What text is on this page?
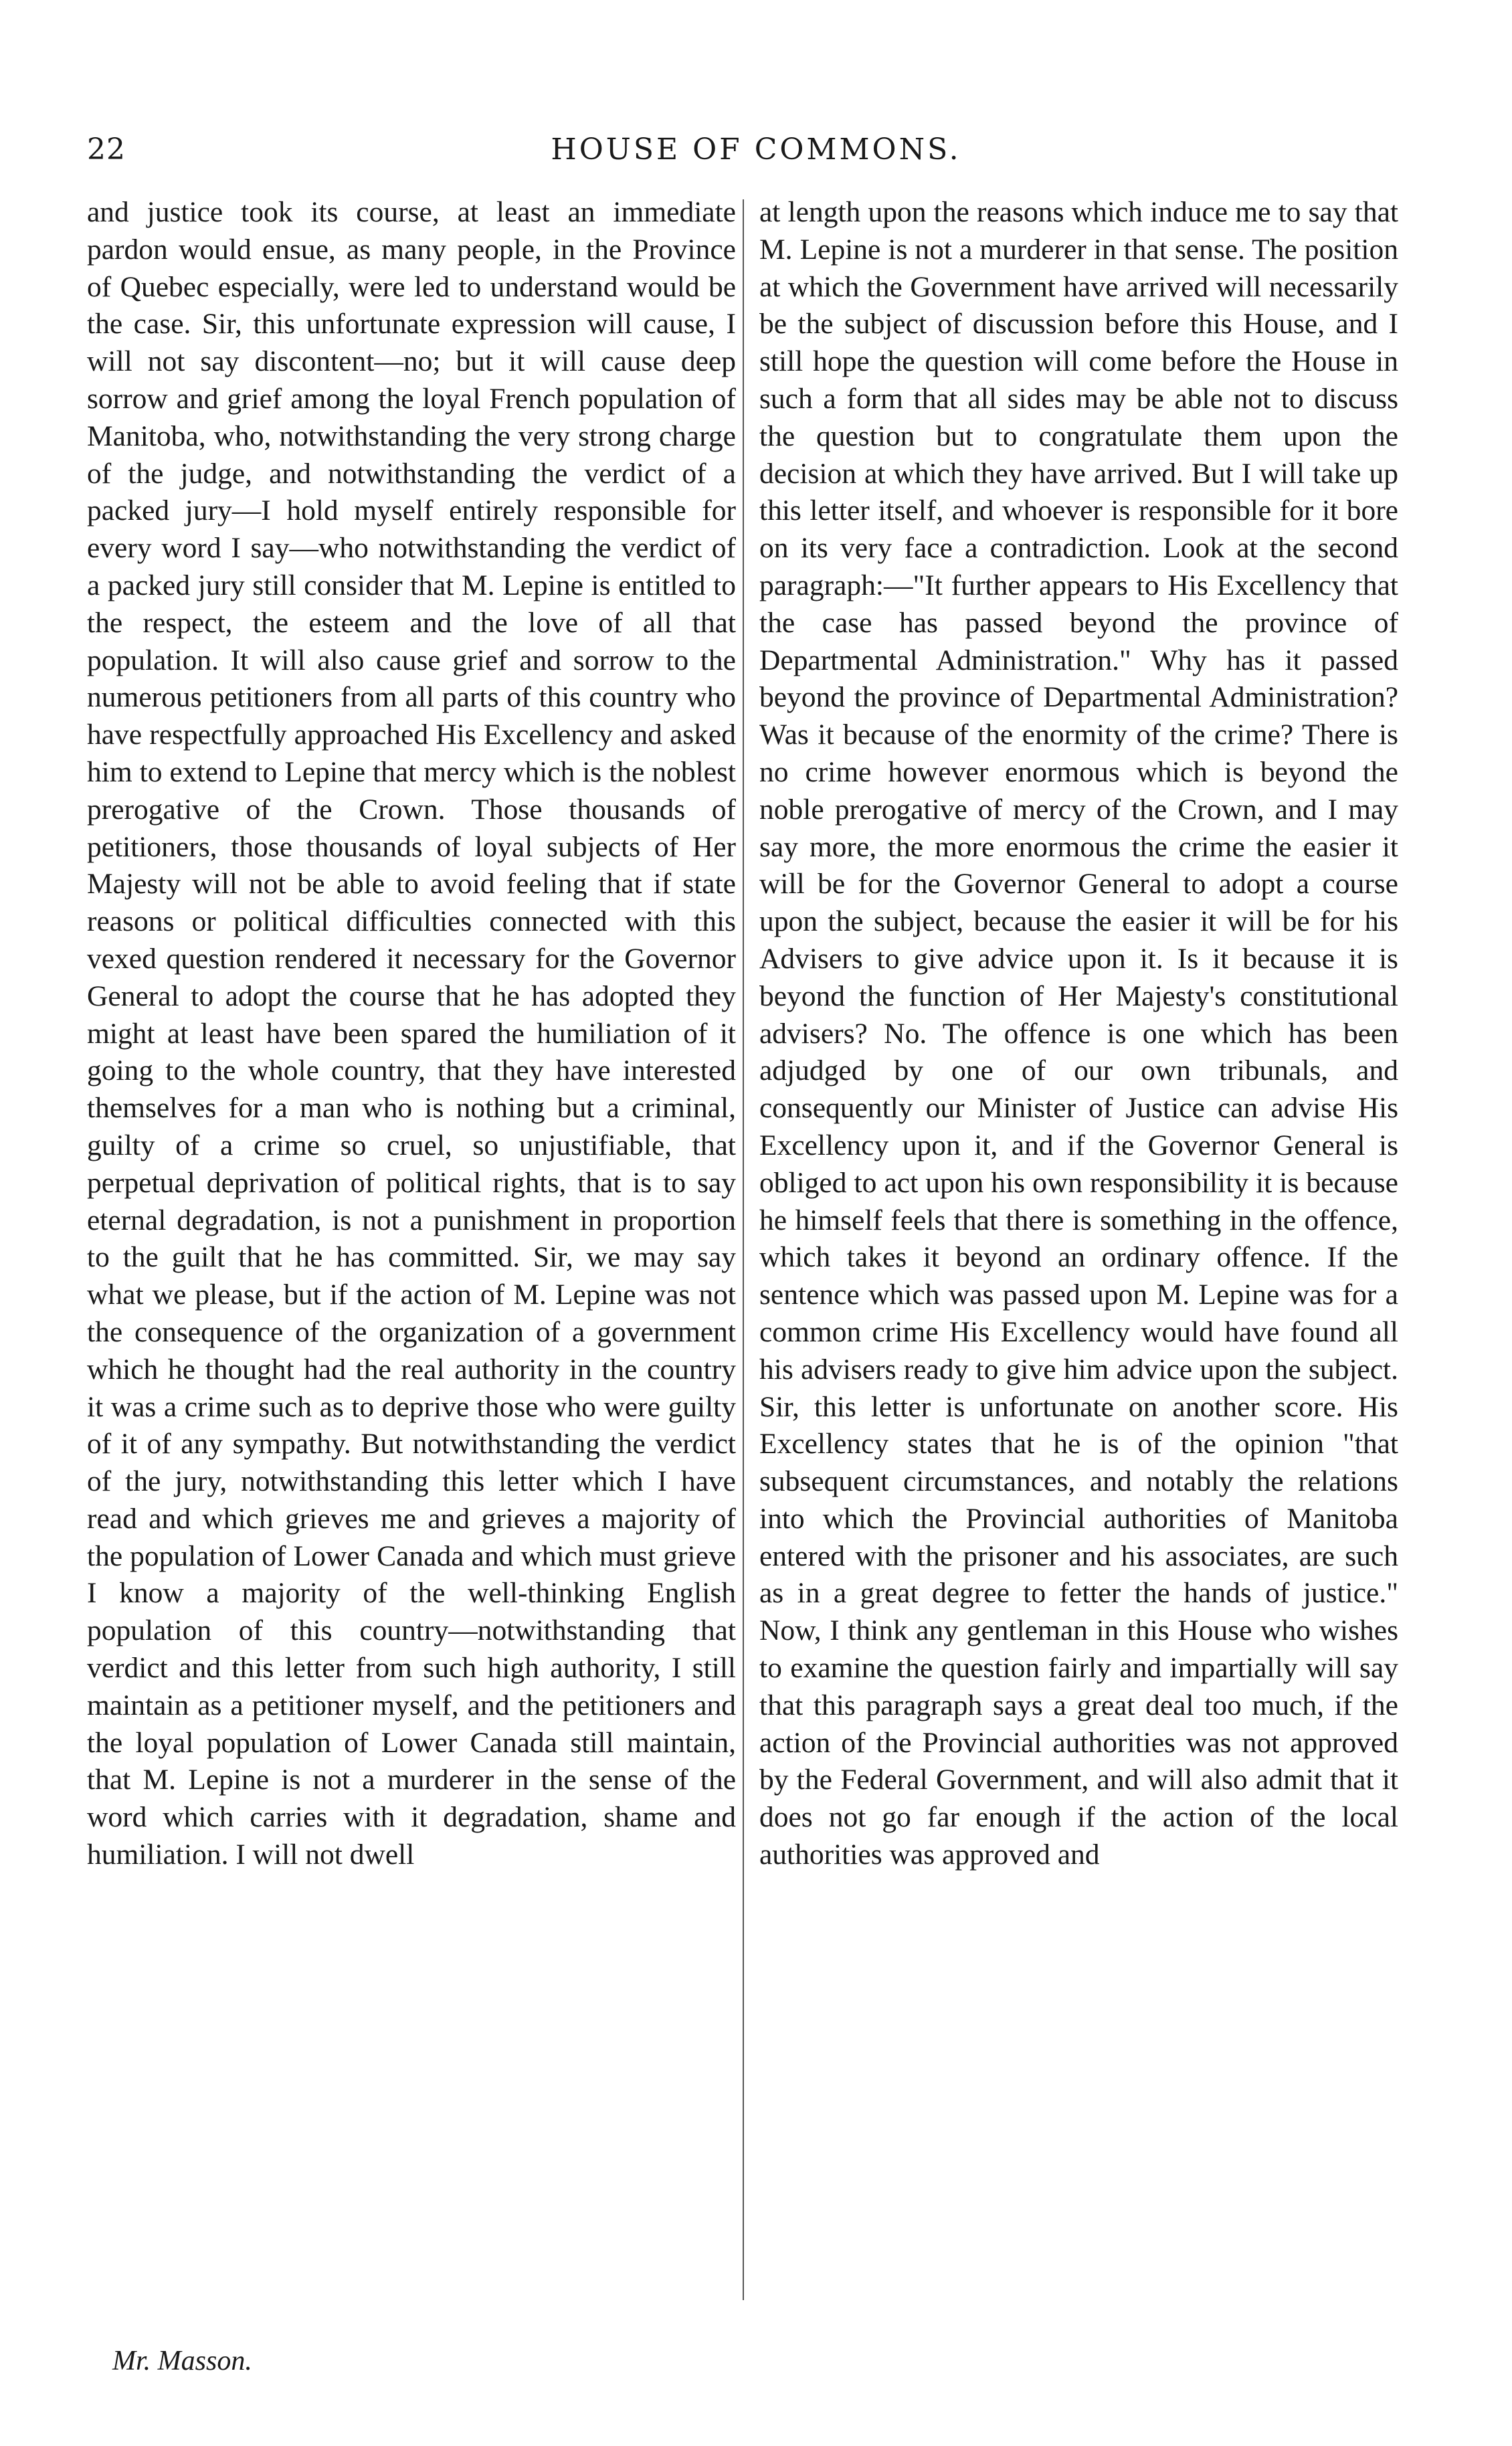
22	HOUSE OF COMMONS.

and justice took its course, at least an immediate pardon would ensue, as many people, in the Province of Quebec especially, were led to understand would be the case. Sir, this unfortunate expression will cause, I will not say discontent—no; but it will cause deep sorrow and grief among the loyal French population of Manitoba, who, notwithstanding the very strong charge of the judge, and notwithstanding the verdict of a packed jury—I hold myself entirely responsible for every word I say—who notwithstanding the verdict of a packed jury still consider that M. Lepine is entitled to the respect, the esteem and the love of all that population. It will also cause grief and sorrow to the numerous petitioners from all parts of this country who have respectfully approached His Excellency and asked him to extend to Lepine that mercy which is the noblest prerogative of the Crown. Those thousands of petitioners, those thousands of loyal subjects of Her Majesty will not be able to avoid feeling that if state reasons or political difficulties connected with this vexed question rendered it necessary for the Governor General to adopt the course that he has adopted they might at least have been spared the humiliation of it going to the whole country, that they have interested themselves for a man who is nothing but a criminal, guilty of a crime so cruel, so unjustifiable, that perpetual deprivation of political rights, that is to say eternal degradation, is not a punishment in proportion to the guilt that he has committed. Sir, we may say what we please, but if the action of M. Lepine was not the consequence of the organization of a government which he thought had the real authority in the country it was a crime such as to deprive those who were guilty of it of any sympathy. But notwithstanding the verdict of the jury, notwithstanding this letter which I have read and which grieves me and grieves a majority of the population of Lower Canada and which must grieve I know a majority of the well-thinking English population of this country—notwithstanding that verdict and this letter from such high authority, I still maintain as a petitioner myself, and the petitioners and the loyal population of Lower Canada still maintain, that M. Lepine is not a murderer in the sense of the word which carries with it degradation, shame and humiliation. I will not dwell

at length upon the reasons which induce me to say that M. Lepine is not a murderer in that sense. The position at which the Government have arrived will necessarily be the subject of discussion before this House, and I still hope the question will come before the House in such a form that all sides may be able not to discuss the question but to congratulate them upon the decision at which they have arrived. But I will take up this letter itself, and whoever is responsible for it bore on its very face a contradiction. Look at the second paragraph:—"It further appears to His Excellency that the case has passed beyond the province of Departmental Administration." Why has it passed beyond the province of Departmental Administration? Was it because of the enormity of the crime? There is no crime however enormous which is beyond the noble prerogative of mercy of the Crown, and I may say more, the more enormous the crime the easier it will be for the Governor General to adopt a course upon the subject, because the easier it will be for his Advisers to give advice upon it. Is it because it is beyond the function of Her Majesty's constitutional advisers? No. The offence is one which has been adjudged by one of our own tribunals, and consequently our Minister of Justice can advise His Excellency upon it, and if the Governor General is obliged to act upon his own responsibility it is because he himself feels that there is something in the offence, which takes it beyond an ordinary offence. If the sentence which was passed upon M. Lepine was for a common crime His Excellency would have found all his advisers ready to give him advice upon the subject. Sir, this letter is unfortunate on another score. His Excellency states that he is of the opinion "that subsequent circumstances, and notably the relations into which the Provincial authorities of Manitoba entered with the prisoner and his associates, are such as in a great degree to fetter the hands of justice." Now, I think any gentleman in this House who wishes to examine the question fairly and impartially will say that this paragraph says a great deal too much, if the action of the Provincial authorities was not approved by the Federal Government, and will also admit that it does not go far enough if the action of the local authorities was approved and

Mr. Masson.
